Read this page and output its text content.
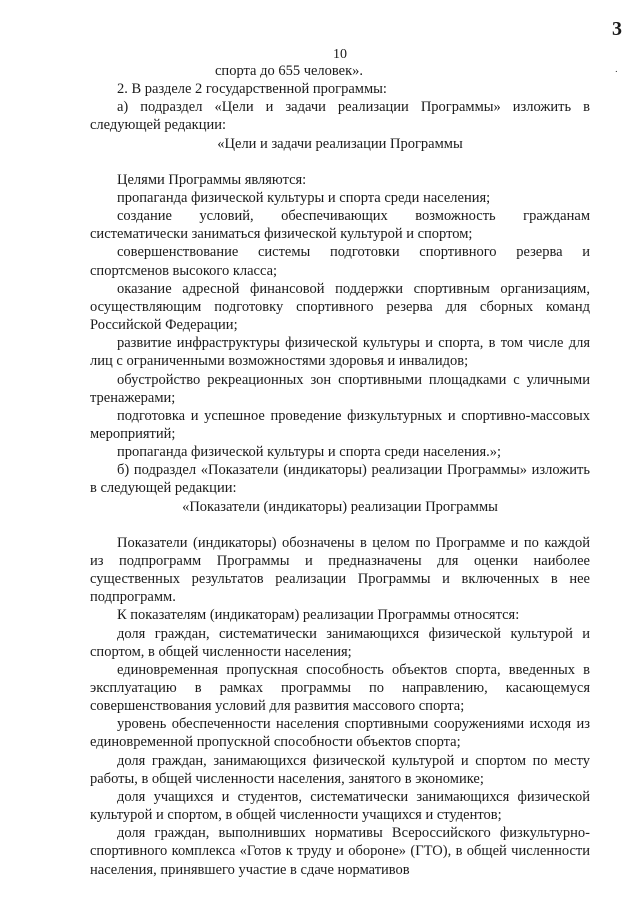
3
˙
10

спорта до 655 человек».

2. В разделе 2 государственной программы:

а) подраздел «Цели и задачи реализации Программы» изложить в следующей редакции:

«Цели и задачи реализации Программы

Целями Программы являются:

пропаганда физической культуры и спорта среди населения;

создание условий, обеспечивающих возможность гражданам систематически заниматься физической культурой и спортом;

совершенствование системы подготовки спортивного резерва и спортсменов высокого класса;

оказание адресной финансовой поддержки спортивным организациям, осуществляющим подготовку спортивного резерва для сборных команд Российской Федерации;

развитие инфраструктуры физической культуры и спорта, в том числе для лиц с ограниченными возможностями здоровья и инвалидов;

обустройство рекреационных зон спортивными площадками с уличными тренажерами;

подготовка и успешное проведение физкультурных и спортивно-массовых мероприятий;

пропаганда физической культуры и спорта среди населения.»;

б) подраздел «Показатели (индикаторы) реализации Программы» изложить в следующей редакции:

«Показатели (индикаторы) реализации Программы

Показатели (индикаторы) обозначены в целом по Программе и по каждой из подпрограмм Программы и предназначены для оценки наиболее существенных результатов реализации Программы и включенных в нее подпрограмм.

К показателям (индикаторам) реализации Программы относятся:

доля граждан, систематически занимающихся физической культурой и спортом, в общей численности населения;

единовременная пропускная способность объектов спорта, введенных в эксплуатацию в рамках программы по направлению, касающемуся совершенствования условий для развития массового спорта;

уровень обеспеченности населения спортивными сооружениями исходя из единовременной пропускной способности объектов спорта;

доля граждан, занимающихся физической культурой и спортом по месту работы, в общей численности населения, занятого в экономике;

доля учащихся и студентов, систематически занимающихся физической культурой и спортом, в общей численности учащихся и студентов;

доля граждан, выполнивших нормативы Всероссийского физкультурно-спортивного комплекса «Готов к труду и обороне» (ГТО), в общей численности населения, принявшего участие в сдаче нормативов
